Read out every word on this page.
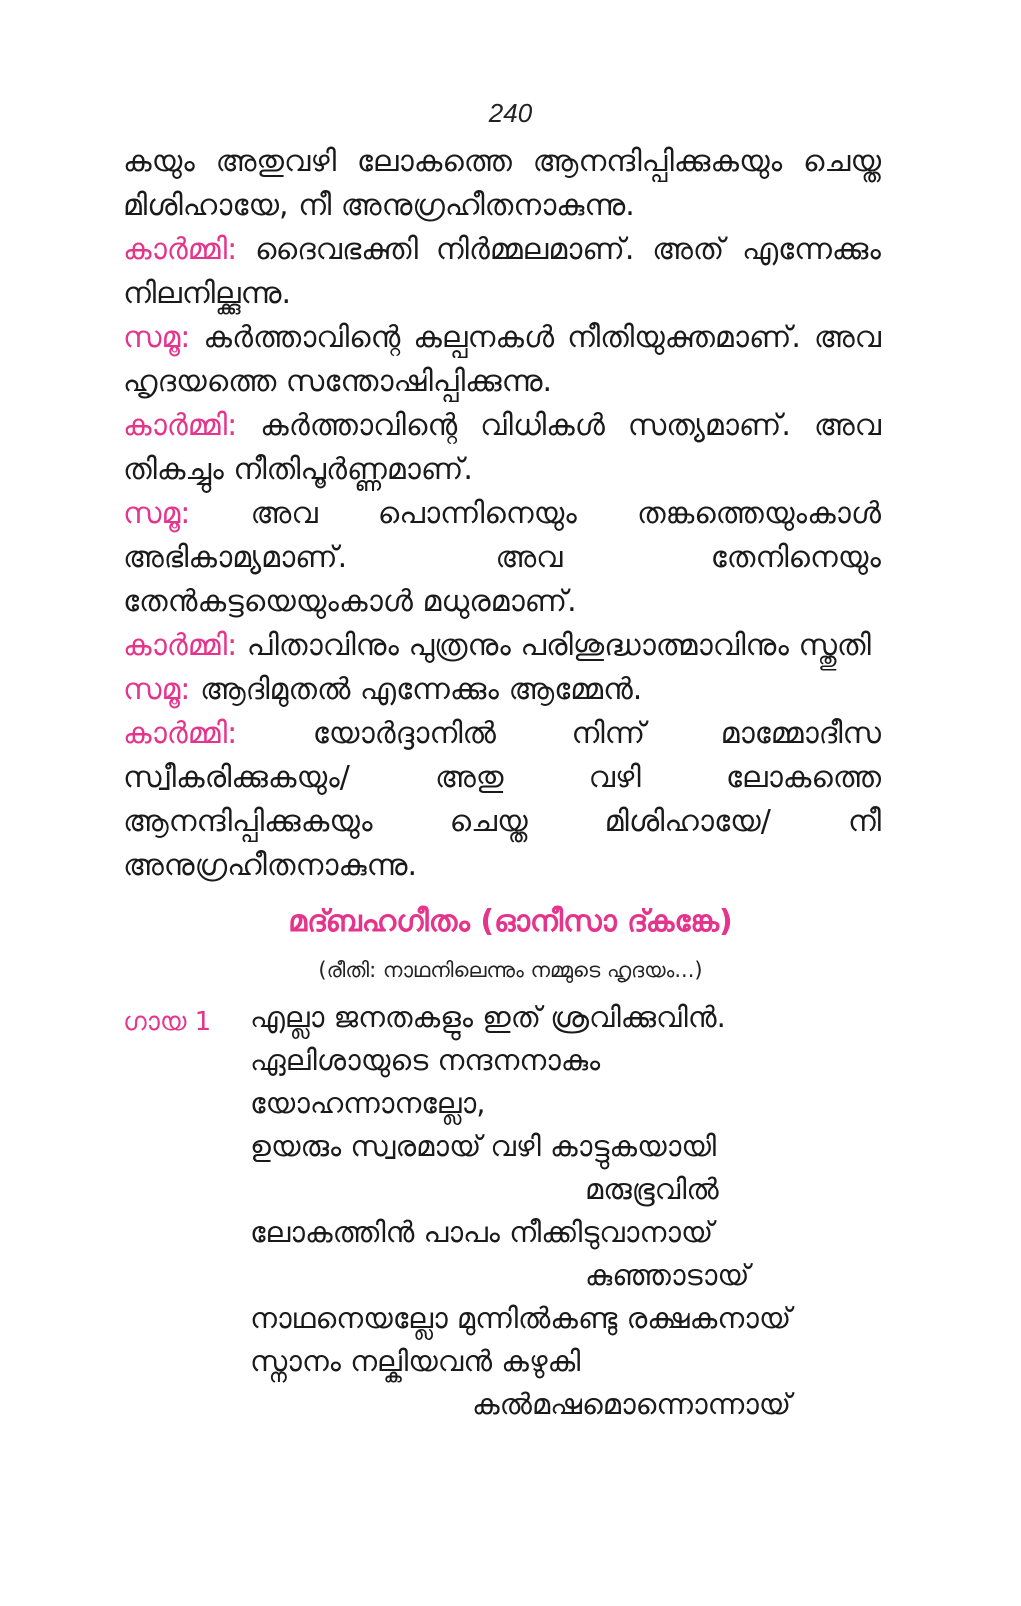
240

കയും അതുവഴി ലോകത്തെ ആനന്ദിപ്പിക്കുകയും ചെയ്ത മിശിഹായേ, നീ അനുഗ്രഹീതനാകുന്നു.

കാര്‍മ്മി: ദൈവഭക്തി നിര്‍മ്മലമാണ്. അത് എന്നേക്കും നിലനില്ക്കുന്നു.

സമൂ: കര്‍ത്താവിന്റെ കല്പനകള്‍ നീതിയുക്തമാണ്. അവ ഹൃദയത്തെ സന്തോഷിപ്പിക്കുന്നു.

കാര്‍മ്മി: കര്‍ത്താവിന്റെ വിധികള്‍ സത്യമാണ്. അവ തികച്ചും നീതിപൂര്‍ണ്ണമാണ്.

സമൂ: അവ പൊന്നിനെയും തങ്കത്തെയുംകാള്‍ അഭികാമ്യമാണ്. അവ തേനിനെയും തേന്‍കട്ടയെയുംകാള്‍ മധുരമാണ്.

കാര്‍മ്മി: പിതാവിനും പുത്രനും പരിശുദ്ധാത്മാവിനും സ്തുതി

സമൂ: ആദിമുതല്‍ എന്നേക്കും ആമ്മേന്‍.

കാര്‍മ്മി:	യോര്‍ദ്ദാനില്‍ നിന്ന് മാമ്മോദീസ സ്വീകരിക്കുകയും/ അതു വഴി ലോകത്തെ ആനന്ദിപ്പിക്കുകയും ചെയ്ത മിശിഹായേ/ നീ അനുഗ്രഹീതനാകുന്നു.

മദ്ബഹഗീതം (ഓനീസാ ദ്കങ്കേ)
(രീതി: നാഥനിലെന്നും നമ്മുടെ ഹൃദയം...)
ഗായ 1 എല്ലാ ജനതകളും ഇത് ശ്രവിക്കുവിന്‍.
ഏലിശായുടെ നന്ദനനാകും
യോഹന്നാനല്ലോ,
ഉയരും സ്വരമായ് വഴി കാട്ടുകയായി
മരുഭൂവില്‍
ലോകത്തിന്‍ പാപം നീക്കിടുവാനായ്
കുഞ്ഞാടായ്
നാഥനെയല്ലോ മുന്നില്‍കണ്ടു രക്ഷകനായ്
സ്നാനം നല്കിയവന്‍ കഴുകി
കല്‍മഷമൊന്നൊന്നായ്
